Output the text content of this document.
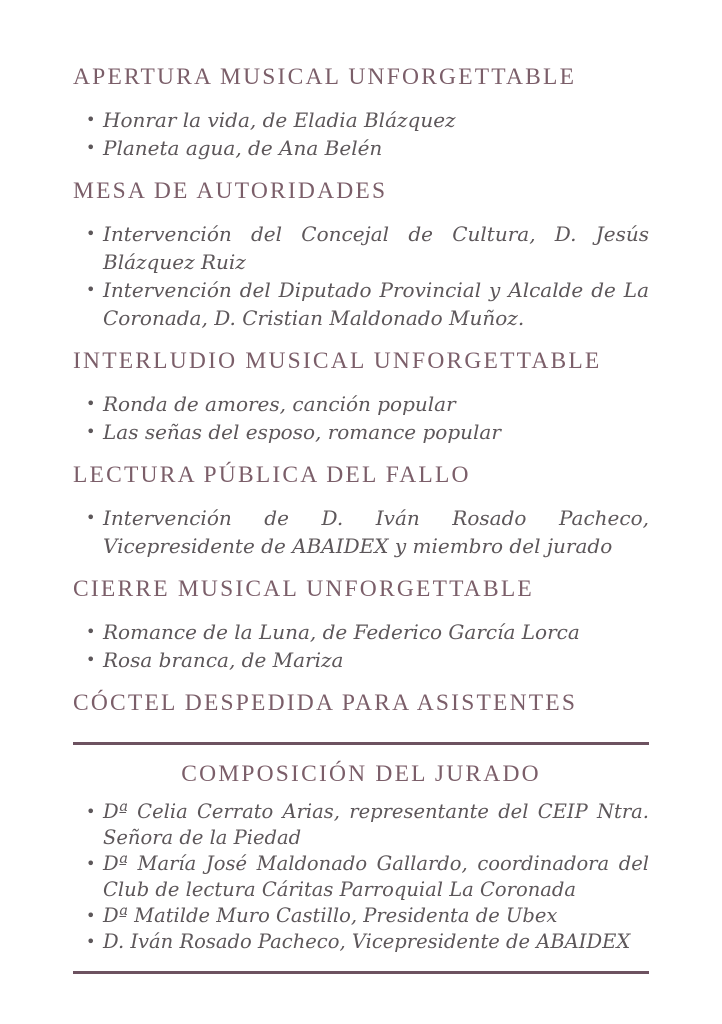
APERTURA MUSICAL UNFORGETTABLE
• Honrar la vida, de Eladia Blázquez
• Planeta agua, de Ana Belén
MESA DE AUTORIDADES
• Intervención del Concejal de Cultura, D. Jesús Blázquez Ruiz
• Intervención del Diputado Provincial y Alcalde de La Coronada, D. Cristian Maldonado Muñoz.
INTERLUDIO MUSICAL UNFORGETTABLE
• Ronda de amores, canción popular
• Las señas del esposo, romance popular
LECTURA PÚBLICA DEL FALLO
• Intervención de D. Iván Rosado Pacheco, Vicepresidente de ABAIDEX y miembro del jurado
CIERRE MUSICAL UNFORGETTABLE
• Romance de la Luna, de Federico García Lorca
• Rosa branca, de Mariza
CÓCTEL DESPEDIDA PARA ASISTENTES
COMPOSICIÓN DEL JURADO
• Dª Celia Cerrato Arias, representante del CEIP Ntra. Señora de la Piedad
• Dª María José Maldonado Gallardo, coordinadora del Club de lectura Cáritas Parroquial La Coronada
• Dª Matilde Muro Castillo, Presidenta de Ubex
• D. Iván Rosado Pacheco, Vicepresidente de ABAIDEX
